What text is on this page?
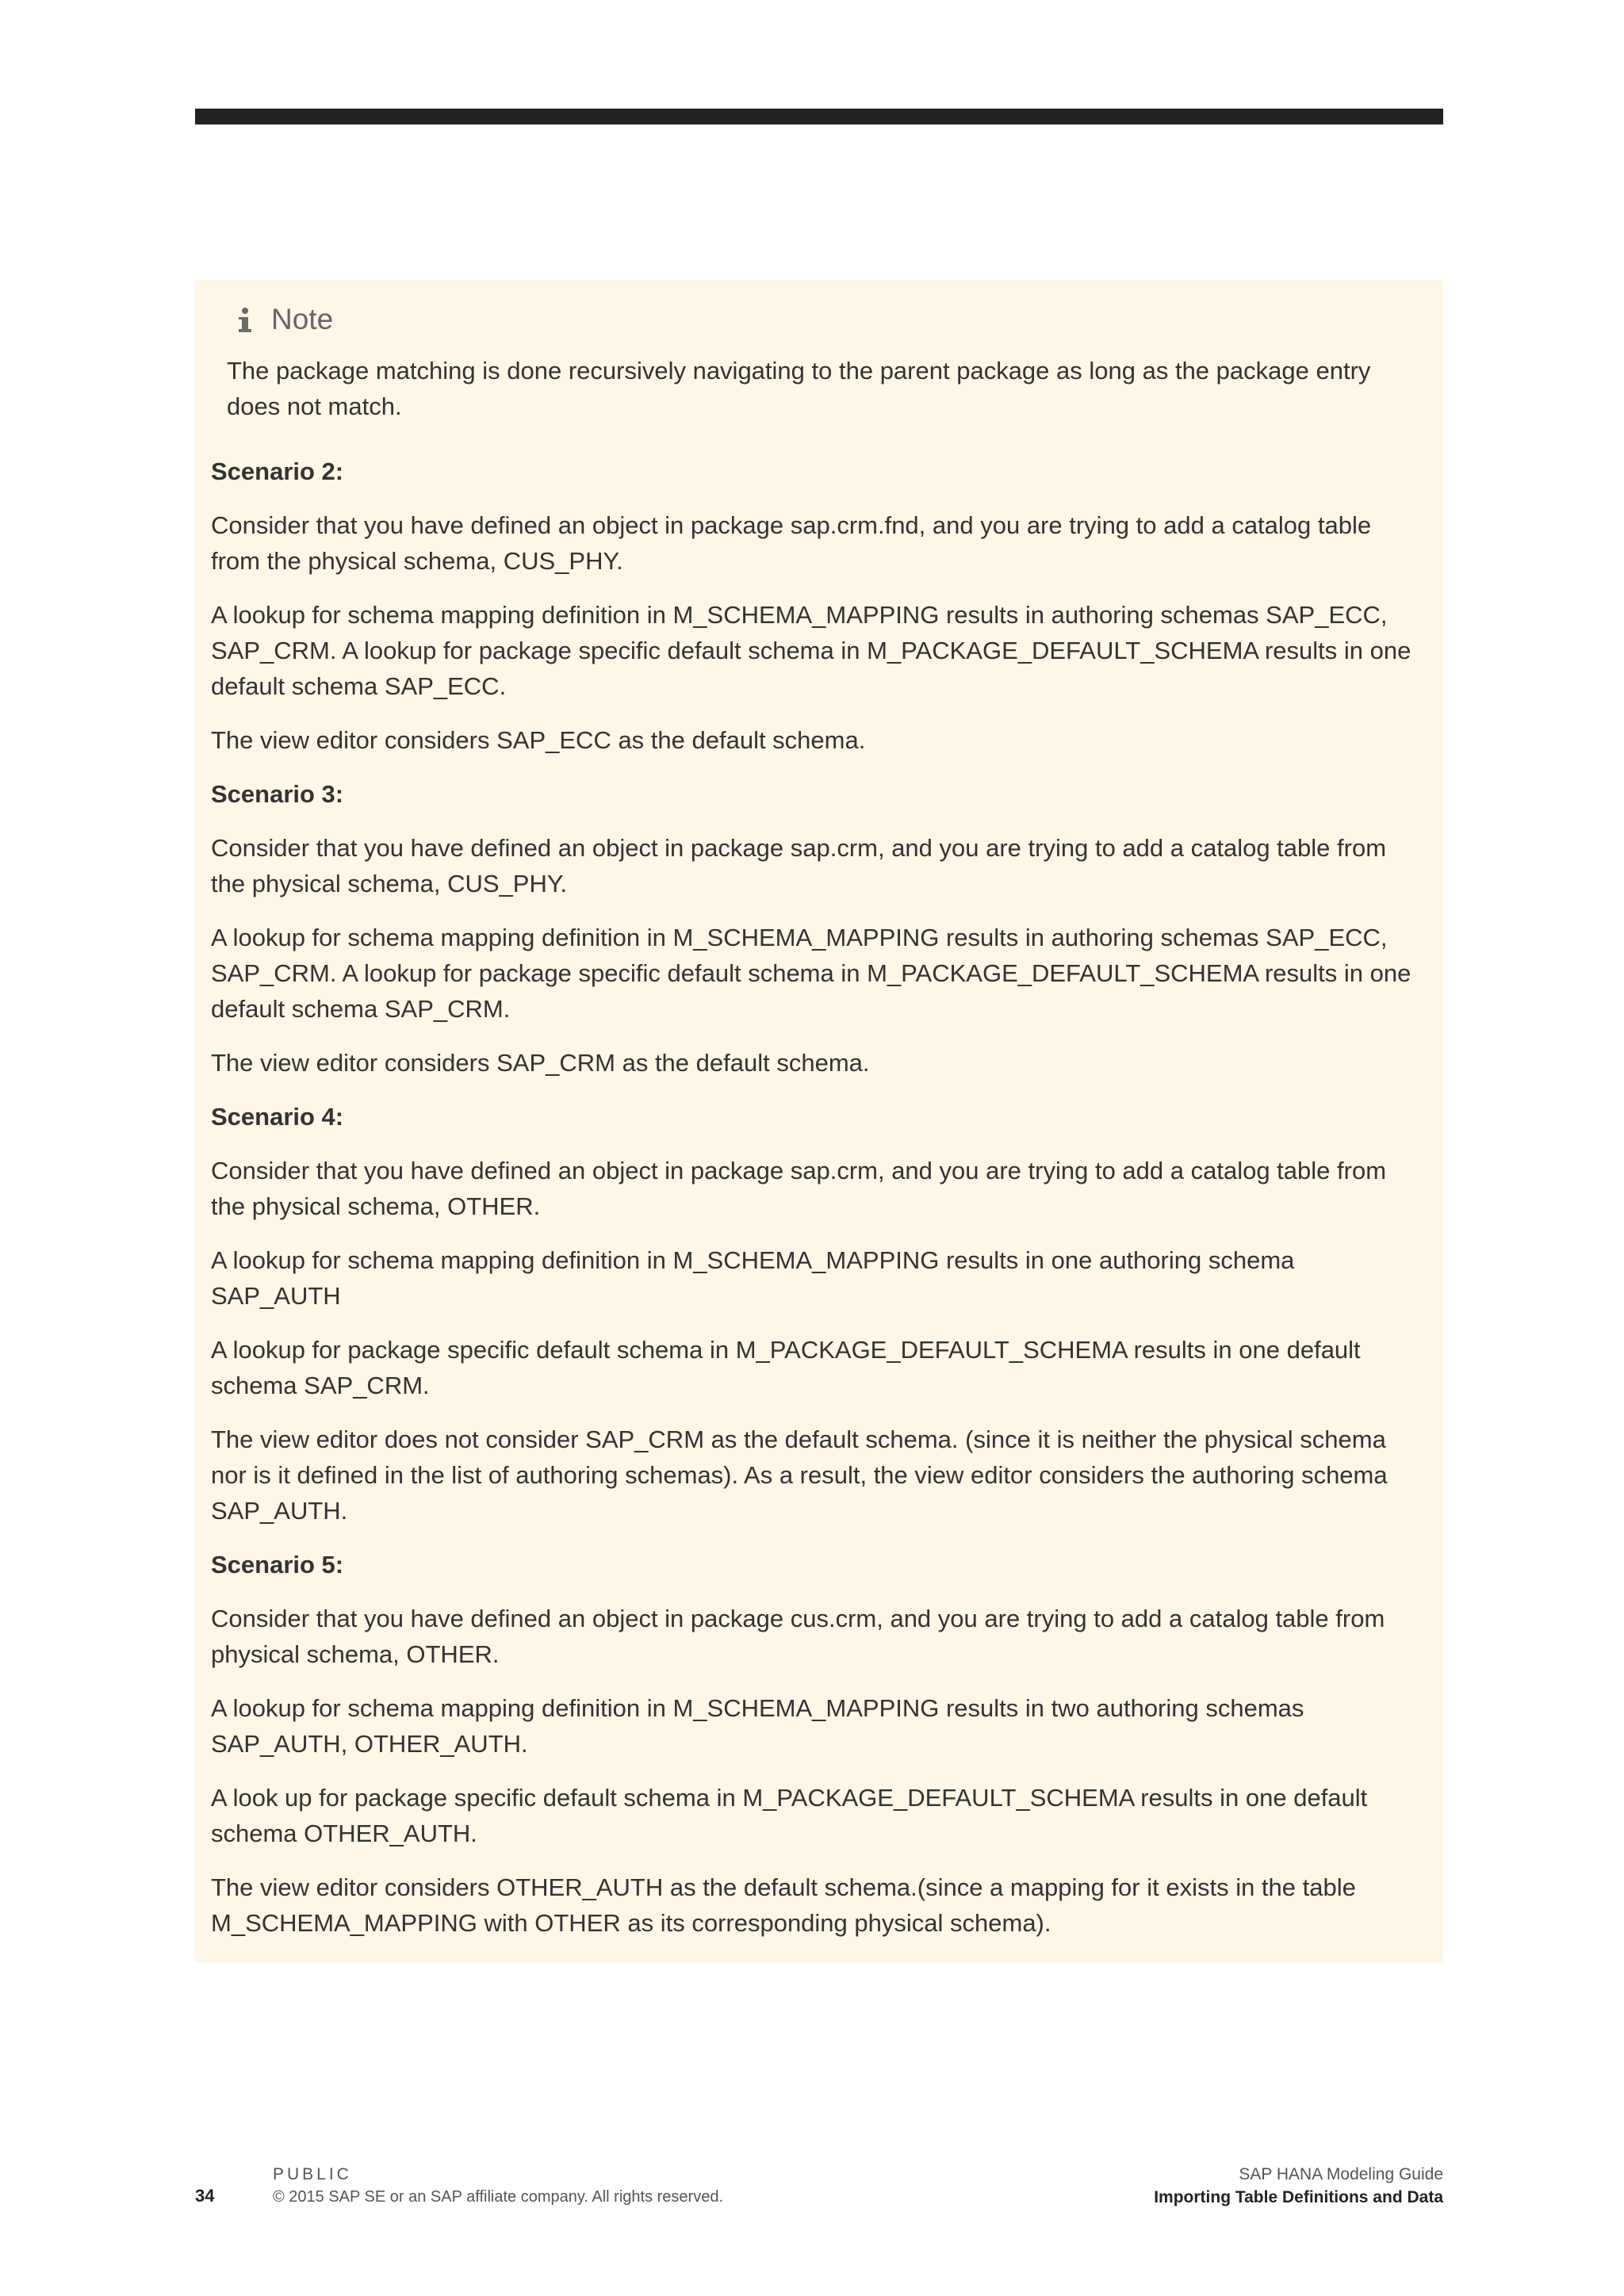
Note
The package matching is done recursively navigating to the parent package as long as the package entry does not match.

Scenario 2:

Consider that you have defined an object in package sap.crm.fnd, and you are trying to add a catalog table from the physical schema, CUS_PHY.

A lookup for schema mapping definition in M_SCHEMA_MAPPING results in authoring schemas SAP_ECC, SAP_CRM. A lookup for package specific default schema in M_PACKAGE_DEFAULT_SCHEMA results in one default schema SAP_ECC.

The view editor considers SAP_ECC as the default schema.

Scenario 3:

Consider that you have defined an object in package sap.crm, and you are trying to add a catalog table from the physical schema, CUS_PHY.

A lookup for schema mapping definition in M_SCHEMA_MAPPING results in authoring schemas SAP_ECC, SAP_CRM. A lookup for package specific default schema in M_PACKAGE_DEFAULT_SCHEMA results in one default schema SAP_CRM.

The view editor considers SAP_CRM as the default schema.

Scenario 4:

Consider that you have defined an object in package sap.crm, and you are trying to add a catalog table from the physical schema, OTHER.

A lookup for schema mapping definition in M_SCHEMA_MAPPING results in one authoring schema SAP_AUTH

A lookup for package specific default schema in M_PACKAGE_DEFAULT_SCHEMA results in one default schema SAP_CRM.

The view editor does not consider SAP_CRM as the default schema. (since it is neither the physical schema nor is it defined in the list of authoring schemas). As a result, the view editor considers the authoring schema SAP_AUTH.

Scenario 5:

Consider that you have defined an object in package cus.crm, and you are trying to add a catalog table from physical schema, OTHER.

A lookup for schema mapping definition in M_SCHEMA_MAPPING results in two authoring schemas SAP_AUTH, OTHER_AUTH.

A look up for package specific default schema in M_PACKAGE_DEFAULT_SCHEMA results in one default schema OTHER_AUTH.

The view editor considers OTHER_AUTH as the default schema.(since a mapping for it exists in the table M_SCHEMA_MAPPING with OTHER as its corresponding physical schema).

34
PUBLIC
© 2015 SAP SE or an SAP affiliate company. All rights reserved.
SAP HANA Modeling Guide
Importing Table Definitions and Data
